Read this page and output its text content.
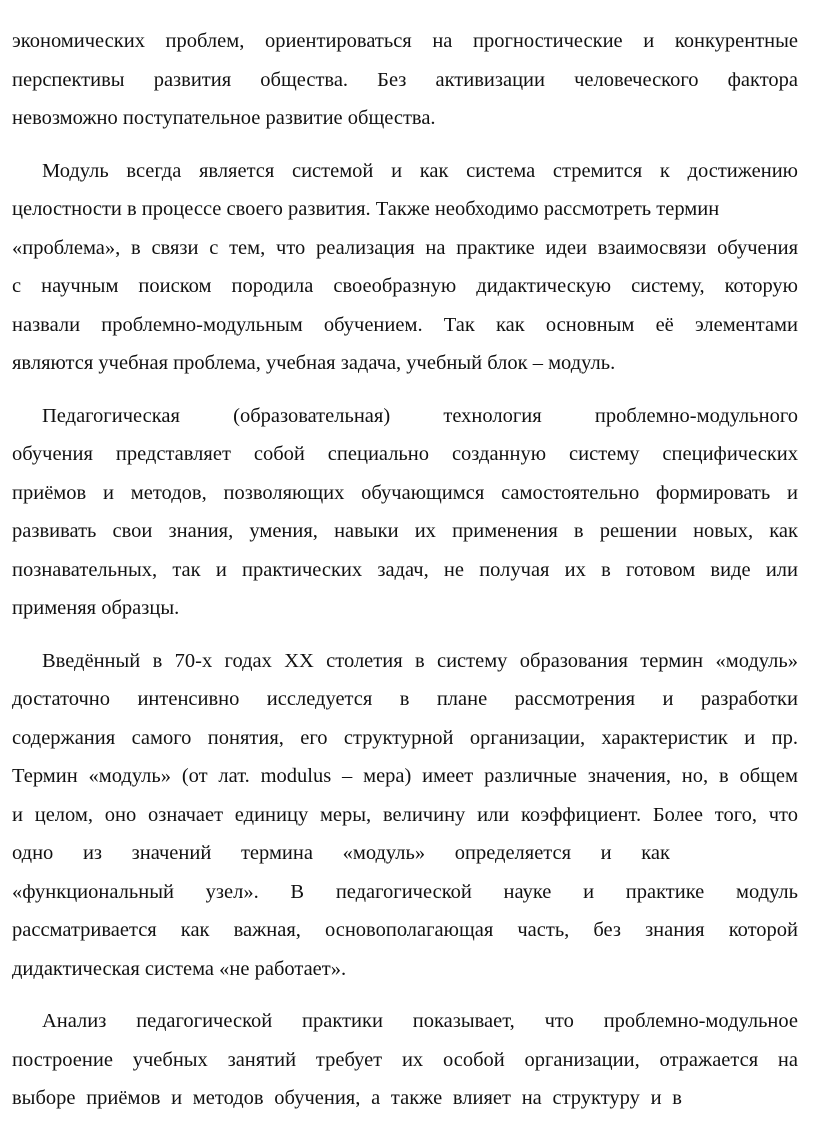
экономических проблем, ориентироваться на прогностические и конкурентные
перспективы развития общества. Без активизации человеческого фактора
невозможно поступательное развитие общества.
Модуль всегда является системой и как система стремится к достижению
целостности в процессе своего развития. Также необходимо рассмотреть термин
«проблема», в связи с тем, что реализация на практике идеи взаимосвязи обучения
с научным поиском породила своеобразную дидактическую систему, которую
назвали проблемно-модульным обучением. Так как основным её элементами
являются учебная проблема, учебная задача, учебный блок – модуль.
Педагогическая (образовательная) технология проблемно-модульного
обучения представляет собой специально созданную систему специфических
приёмов и методов, позволяющих обучающимся самостоятельно формировать и
развивать свои знания, умения, навыки их применения в решении новых, как
познавательных, так и практических задач, не получая их в готовом виде или
применяя образцы.
Введённый в 70-х годах XX столетия в систему образования термин «модуль»
достаточно интенсивно исследуется в плане рассмотрения и разработки
содержания самого понятия, его структурной организации, характеристик и пр.
Термин «модуль» (от лат. modulus – мера) имеет различные значения, но, в общем
и целом, оно означает единицу меры, величину или коэффициент. Более того, что
одно из значений термина «модуль» определяется и как
«функциональный узел». В педагогической науке и практике модуль
рассматривается как важная, основополагающая часть, без знания которой
дидактическая система «не работает».
Анализ педагогической практики показывает, что проблемно-модульное
построение учебных занятий требует их особой организации, отражается на
выборе приёмов и методов обучения, а также влияет на структуру и в
